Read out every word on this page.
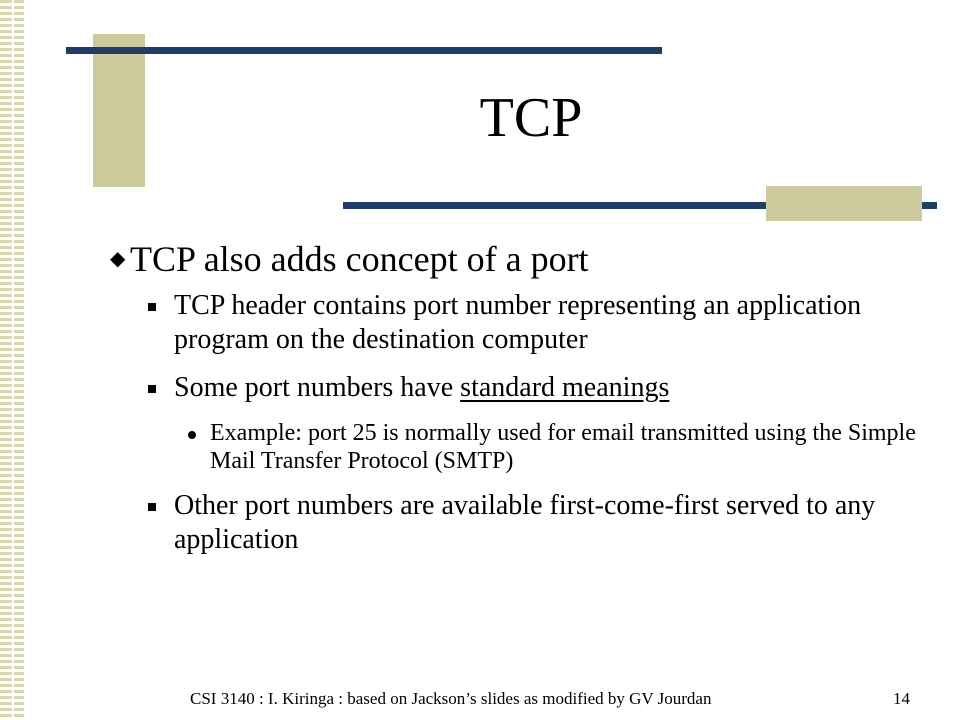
TCP
◆ TCP also adds concept of a port
TCP header contains port number representing an application program on the destination computer
Some port numbers have standard meanings
Example: port 25 is normally used for email transmitted using the Simple Mail Transfer Protocol (SMTP)
Other port numbers are available first-come-first served to any application
CSI 3140 : I. Kiringa : based on Jackson’s slides as modified by GV Jourdan	14
